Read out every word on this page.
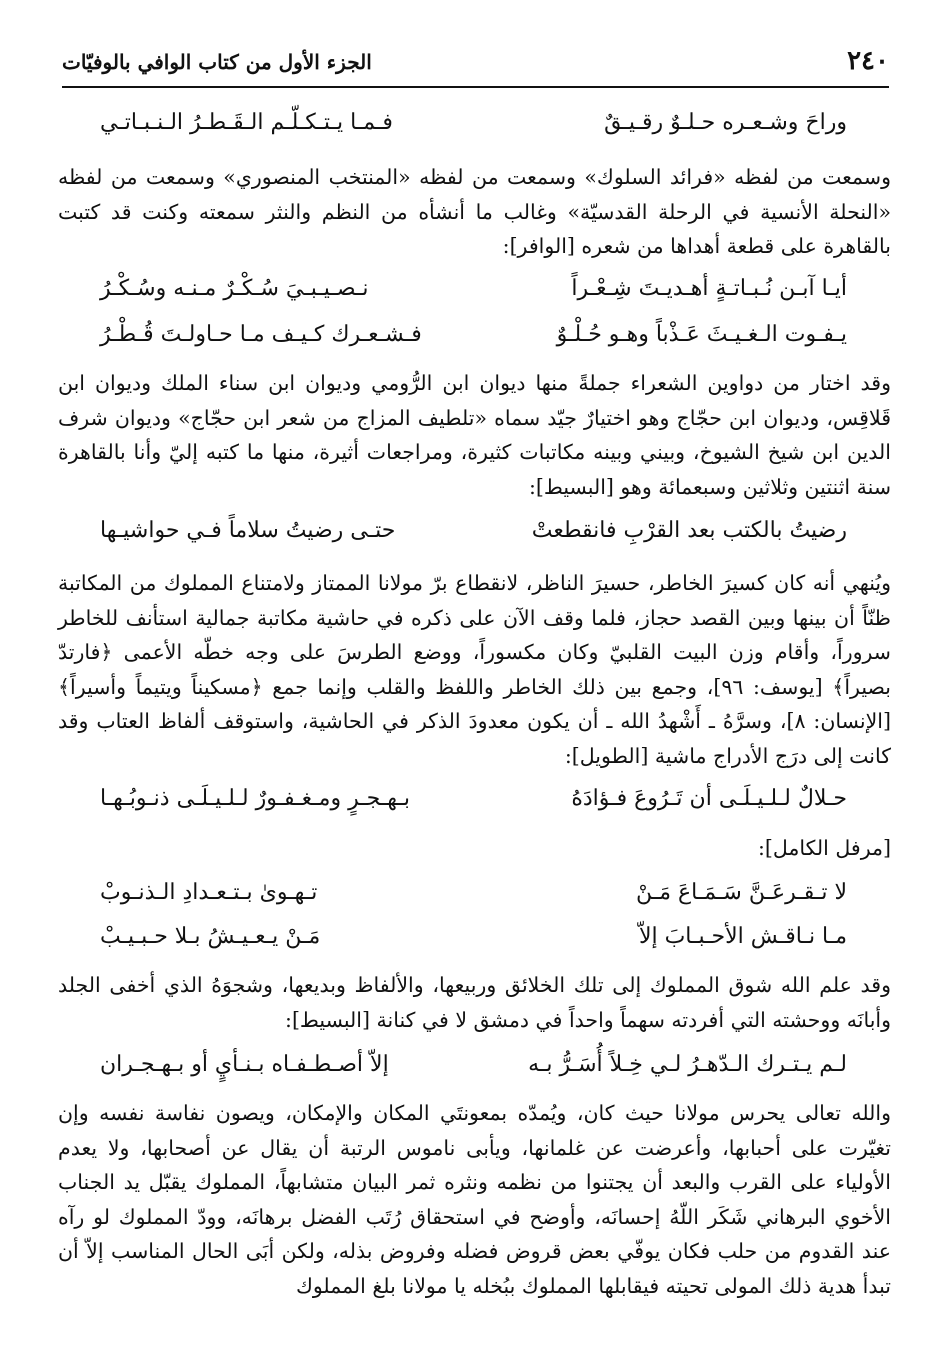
٢٤٠
الجزء الأول من كتاب الوافي بالوفيّات
وراحَ وشـعـره حـلـوٌ رقـيـقٌ
فـمـا يـتـكـلّـم الـقَـطـرُ الـنـبـاتـي

وسمعت من لفظه «فرائد السلوك» وسمعت من لفظه «المنتخب المنصوري» وسمعت من لفظه «النحلة الأنسية في الرحلة القدسيّة» وغالب ما أنشأه من النظم والنثر سمعته وكنت قد كتبت بالقاهرة على قطعة أهداها من شعره [الوافر]:

أيـا آبـن نُـبـاتـةٍ أهـديـتَ شِـعْـراً
نـصـيـبـيَ سُـكْـرٌ مـنـه وسُـكْـرُ
يـفـوت الـغـيـثَ عَـذْباً وهـو حُـلْـوٌ
فـشـعـرك كـيـف مـا حـاولـتَ قُـطْـرُ

وقد اختار من دواوين الشعراء جملةً منها ديوان ابن الرُّومي وديوان ابن سناء الملك وديوان ابن قَلاقِس، وديوان ابن حجّاج وهو اختيارٌ جيّد سماه «تلطيف المزاج من شعر ابن حجّاج» وديوان شرف الدين ابن شيخ الشيوخ، وبيني وبينه مكاتبات كثيرة، ومراجعات أثيرة، منها ما كتبه إليّ وأنا بالقاهرة سنة اثنتين وثلاثين وسبعمائة وهو [البسيط]:

رضيتُ بالكتب بعد القرْبِ فانقطعتْ
حتـى رضيتُ سلاماً فـي حواشيـها

ويُنهي أنه كان كسيرَ الخاطر، حسيرَ الناظر، لانقطاع برّ مولانا الممتاز ولامتناع المملوك من المكاتبة ظنّاً أن بينها وبين القصد حجاز، فلما وقف الآن على ذكره في حاشية مكاتبة جمالية استأنف للخاطر سروراً، وأقام وزن البيت القلبيّ وكان مكسوراً، ووضع الطرسَ على وجه خطّه الأعمى ﴿فارتدّ بصيراً﴾ [يوسف: ٩٦]، وجمع بين ذلك الخاطر واللفظ والقلب وإنما جمع ﴿مسكيناً ويتيماً وأسيراً﴾ [الإنسان: ٨]، وسرَّهُ ـ أَشْهدُ الله ـ أن يكون معدودَ الذكر في الحاشية، واستوقف ألفاظ العتاب وقد كانت إلى درَج الأدراج ماشية [الطويل]:

حـلالٌ لـلـيـلَـى أن تَـرُوعَ فـؤادَهُ
بـهـجـرٍ ومـغـفـورٌ لـلـيـلَـى ذنـوبُـهـا
[مرفل الكامل]:
لا تـقـرعَـنَّ سَـمَـاعَ مَـنْ
تـهـوىٰ بـتـعـدادِ الـذنـوبْ
مـا نـاقـش الأحـبـابَ إلاّ
مَـنْ يـعـيـشُ بـلا حـبـيـبْ

وقد علم الله شوق المملوك إلى تلك الخلائق وربيعها، والألفاظ وبديعها، وشجوَهُ الذي أخفى الجلد وأبانَه ووحشته التي أفردته سهماً واحداً في دمشق لا في كنانة [البسيط]:

لـم يـتـرك الـدّهـرُ لـي خِـلاً أُسَـرُّ بـه
إلاّ أصـطـفـاه بـنـأيٍ أو بـهـجـران

والله تعالى يحرس مولانا حيث كان، ويُمدّه بمعونتَي المكان والإمكان، ويصون نفاسة نفسه وإن تغيّرت على أحبابها، وأعرضت عن غلمانها، ويأبى ناموس الرتبة أن يقال عن أصحابها، ولا يعدم الأولياء على القرب والبعد أن يجتنوا من نظمه ونثره ثمر البيان متشابهاً، المملوك يقبّل يد الجناب الأخوي البرهاني شَكَر اللّهُ إحسانَه، وأوضح في استحقاق رُتَب الفضل برهانَه، وودّ المملوك لو رآه عند القدوم من حلب فكان يوفّي بعض قروض فضله وفروض بذله، ولكن أبَى الحال المناسب إلاّ أن تبدأ هدية ذلك المولى تحيته فيقابلها المملوك ببُخله يا مولانا بلغ المملوك
